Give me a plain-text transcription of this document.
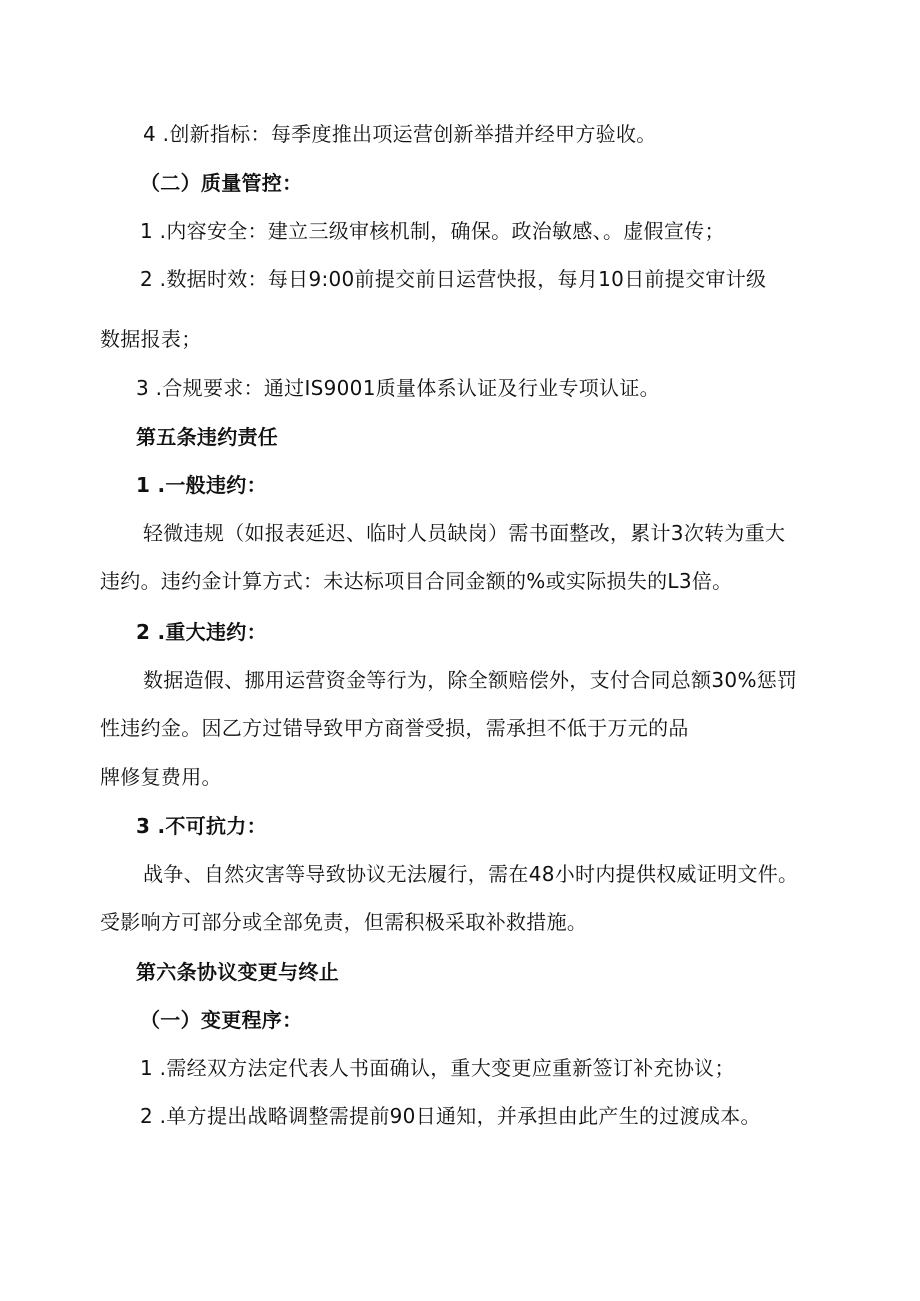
4 .创新指标：每季度推出项运营创新举措并经甲方验收。

（二）质量管控：

1 .内容安全：建立三级审核机制，确保。政治敏感、。虚假宣传；

2 .数据时效：每日9:00前提交前日运营快报，每月10日前提交审计级

数据报表；

3 .合规要求：通过IS9001质量体系认证及行业专项认证。

第五条违约责任

1 .一般违约：

轻微违规（如报表延迟、临时人员缺岗）需书面整改，累计3次转为重大

违约。违约金计算方式：未达标项目合同金额的%或实际损失的L3倍。

2 .重大违约：

数据造假、挪用运营资金等行为，除全额赔偿外，支付合同总额30%惩罚

性违约金。因乙方过错导致甲方商誉受损，需承担不低于万元的品

牌修复费用。

3 .不可抗力：

战争、自然灾害等导致协议无法履行，需在48小时内提供权威证明文件。

受影响方可部分或全部免责，但需积极采取补救措施。

第六条协议变更与终止

（一）变更程序：

1 .需经双方法定代表人书面确认，重大变更应重新签订补充协议；

2 .单方提出战略调整需提前90日通知，并承担由此产生的过渡成本。
